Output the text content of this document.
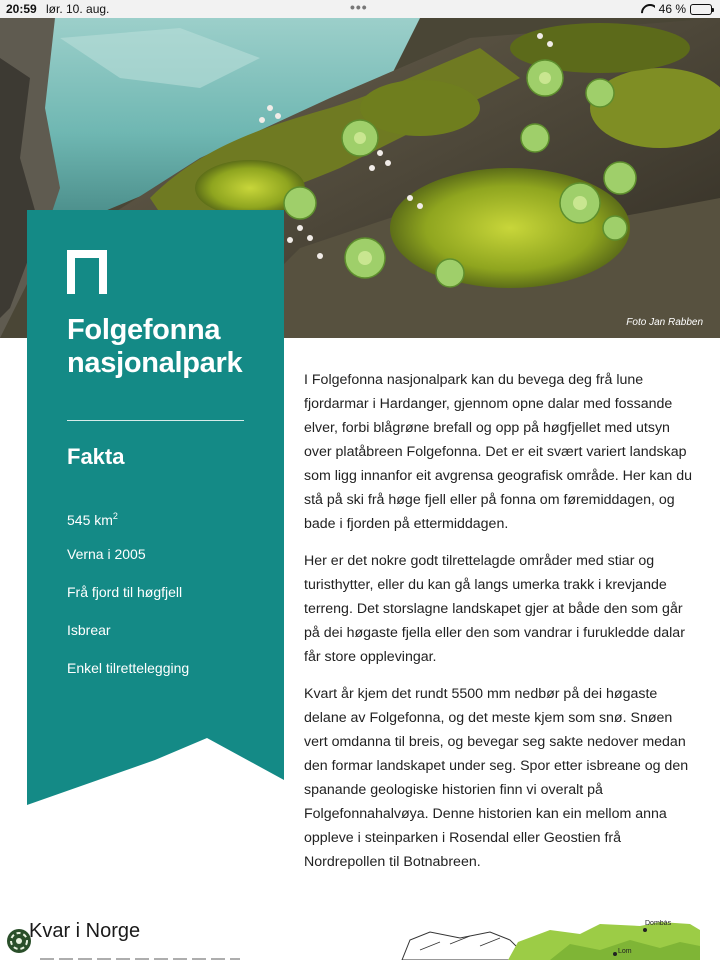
20:59 lør. 10. aug.	•••	46 %
Foto Jan Rabben
Folgefonna nasjonalpark
Fakta
545 $km^2$
Verna i 2005
Frå fjord til høgfjell
Isbrear
Enkel tilrettelegging

I Folgefonna nasjonalpark kan du bevega deg frå lune fjordarmar i Hardanger, gjennom opne dalar med fossande elver, forbi blågrøne brefall og opp på høgfjellet med utsyn over platåbreen Folgefonna. Det er eit svært variert landskap som ligg innanfor eit avgrensa geografisk område. Her kan du stå på ski frå høge fjell eller på fonna om føremiddagen, og bade i fjorden på ettermiddagen.

Her er det nokre godt tilrettelagde områder med stiar og turisthytter, eller du kan gå langs umerka trakk i krevjande terreng. Det storslagne landskapet gjer at både den som går på dei høgaste fjella eller den som vandrar i furukledde dalar får store opplevingar.

Kvart år kjem det rundt 5500 mm nedbør på dei høgaste delane av Folgefonna, og det meste kjem som snø. Snøen vert omdanna til breis, og bevegar seg sakte nedover medan den formar landskapet under seg. Spor etter isbreane og den spanande geologiske historien finn vi overalt på Folgefonnahalvøya. Denne historien kan ein mellom anna oppleve i steinparken i Rosendal eller Geostien frå Nordrepollen til Botnabreen.

Kvar i Norge	Dombås
Lom
